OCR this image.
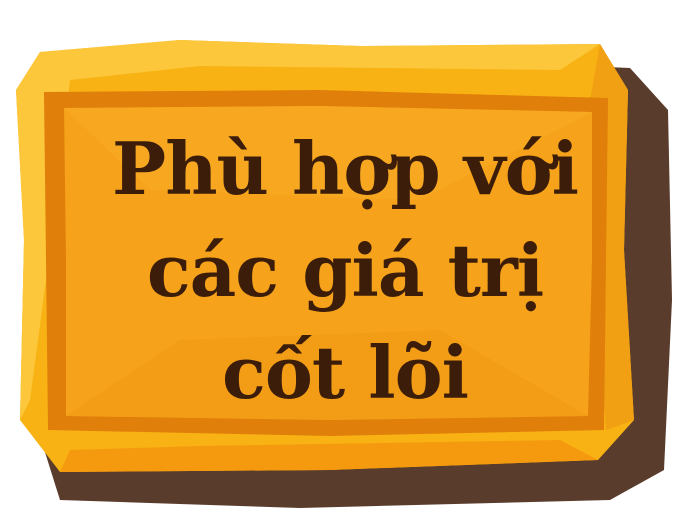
Phù hợp với
các giá trị
cốt lõi
